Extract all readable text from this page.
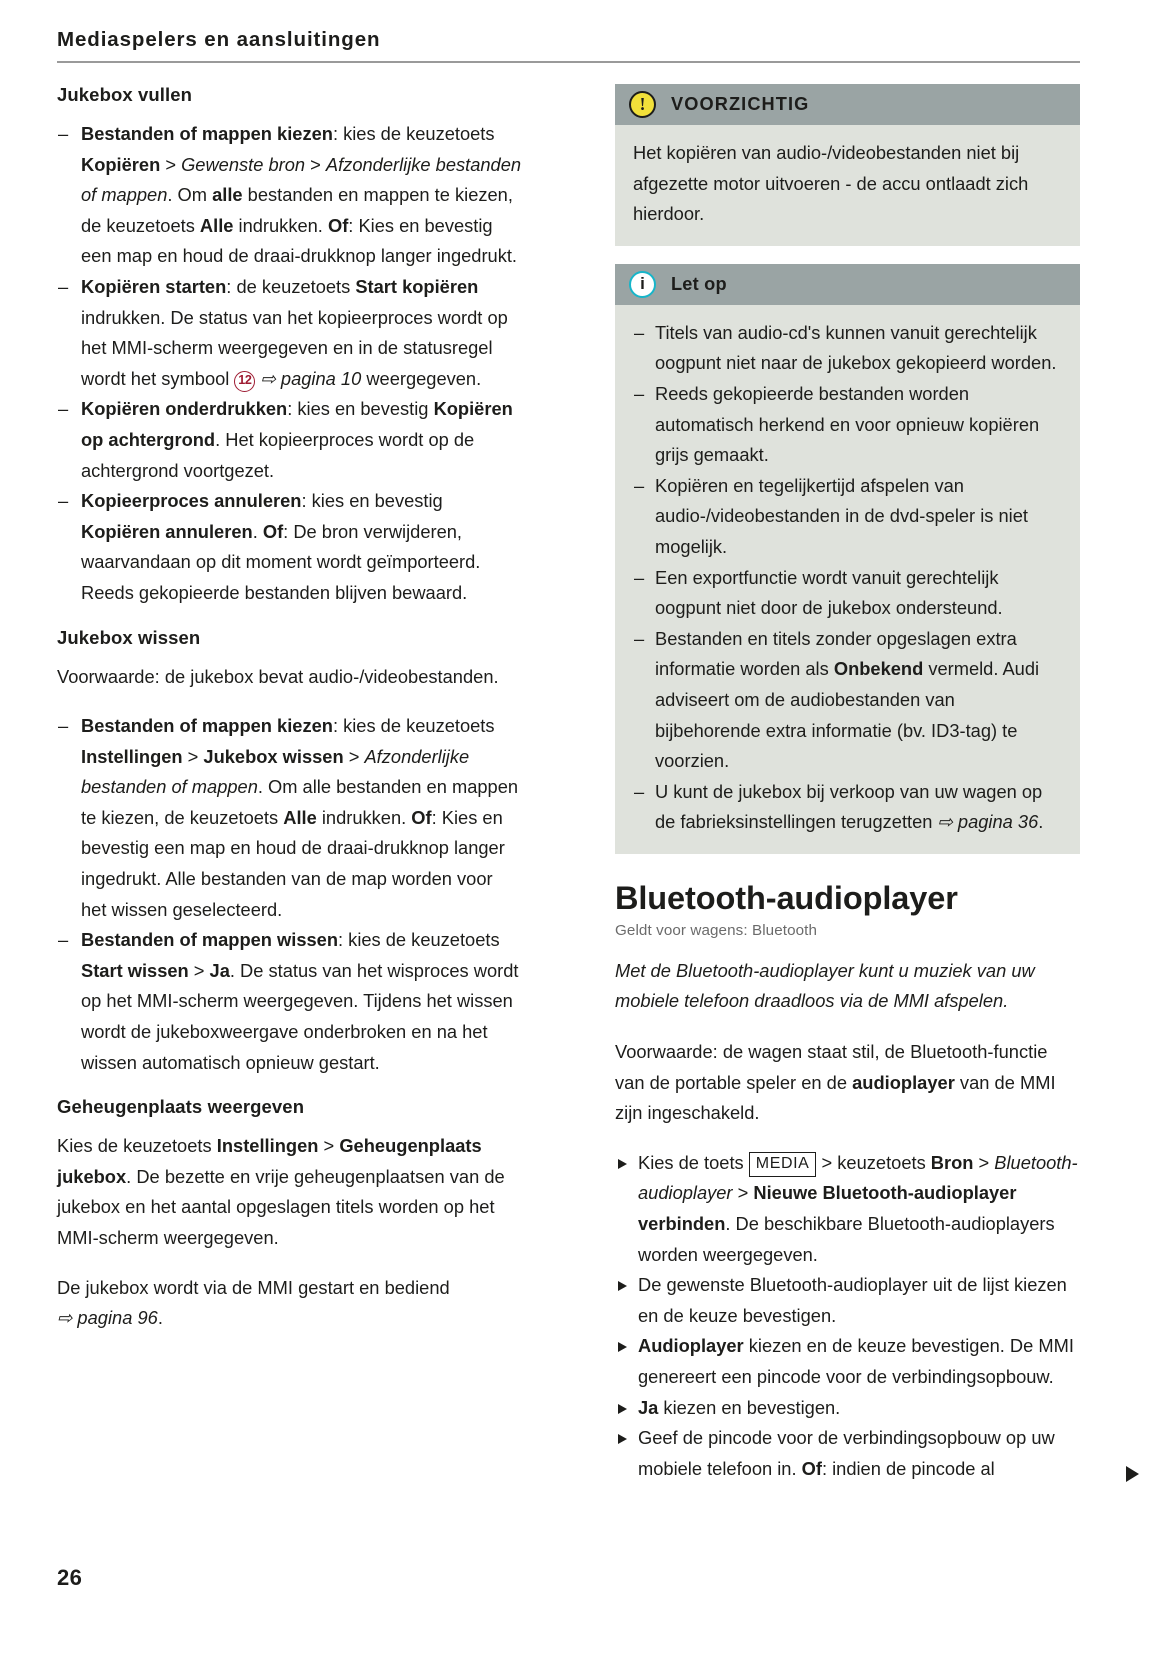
Mediaspelers en aansluitingen
Jukebox vullen
– Bestanden of mappen kiezen: kies de keuzetoets Kopiëren > Gewenste bron > Afzonderlijke bestanden of mappen. Om alle bestanden en mappen te kiezen, de keuzetoets Alle indrukken. Of: Kies en bevestig een map en houd de draai-drukknop langer ingedrukt.
– Kopiëren starten: de keuzetoets Start kopiëren indrukken. De status van het kopieerproces wordt op het MMI-scherm weergegeven en in de statusregel wordt het symbool 12 ⇨ pagina 10 weergegeven.
– Kopiëren onderdrukken: kies en bevestig Kopiëren op achtergrond. Het kopieerproces wordt op de achtergrond voortgezet.
– Kopieerproces annuleren: kies en bevestig Kopiëren annuleren. Of: De bron verwijderen, waarvandaan op dit moment wordt geïmporteerd. Reeds gekopieerde bestanden blijven bewaard.
Jukebox wissen

Voorwaarde: de jukebox bevat audio-/videobestanden.

– Bestanden of mappen kiezen: kies de keuzetoets Instellingen > Jukebox wissen > Afzonderlijke bestanden of mappen. Om alle bestanden en mappen te kiezen, de keuzetoets Alle indrukken. Of: Kies en bevestig een map en houd de draai-drukknop langer ingedrukt. Alle bestanden van de map worden voor het wissen geselecteerd.
– Bestanden of mappen wissen: kies de keuzetoets Start wissen > Ja. De status van het wisproces wordt op het MMI-scherm weergegeven. Tijdens het wissen wordt de jukeboxweergave onderbroken en na het wissen automatisch opnieuw gestart.
Geheugenplaats weergeven

Kies de keuzetoets Instellingen > Geheugenplaats jukebox. De bezette en vrije geheugenplaatsen van de jukebox en het aantal opgeslagen titels worden op het MMI-scherm weergegeven.

De jukebox wordt via de MMI gestart en bediend ⇨ pagina 96.

!
VOORZICHTIG

Het kopiëren van audio-/videobestanden niet bij afgezette motor uitvoeren - de accu ontlaadt zich hierdoor.

i
Let op
– Titels van audio-cd's kunnen vanuit gerechtelijk oogpunt niet naar de jukebox gekopieerd worden.
– Reeds gekopieerde bestanden worden automatisch herkend en voor opnieuw kopiëren grijs gemaakt.
– Kopiëren en tegelijkertijd afspelen van audio-/videobestanden in de dvd-speler is niet mogelijk.
– Een exportfunctie wordt vanuit gerechtelijk oogpunt niet door de jukebox ondersteund.
– Bestanden en titels zonder opgeslagen extra informatie worden als Onbekend vermeld. Audi adviseert om de audiobestanden van bijbehorende extra informatie (bv. ID3-tag) te voorzien.
– U kunt de jukebox bij verkoop van uw wagen op de fabrieksinstellingen terugzetten ⇨ pagina 36.
Bluetooth-audioplayer
Geldt voor wagens: Bluetooth

Met de Bluetooth-audioplayer kunt u muziek van uw mobiele telefoon draadloos via de MMI afspelen.

Voorwaarde: de wagen staat stil, de Bluetooth-functie van de portable speler en de audioplayer van de MMI zijn ingeschakeld.

Kies de toets MEDIA > keuzetoets Bron > Bluetooth-audioplayer > Nieuwe Bluetooth-audioplayer verbinden. De beschikbare Bluetooth-audioplayers worden weergegeven.
De gewenste Bluetooth-audioplayer uit de lijst kiezen en de keuze bevestigen.
Audioplayer kiezen en de keuze bevestigen. De MMI genereert een pincode voor de verbindingsopbouw.
Ja kiezen en bevestigen.
Geef de pincode voor de verbindingsopbouw op uw mobiele telefoon in. Of: indien de pincode al
26
